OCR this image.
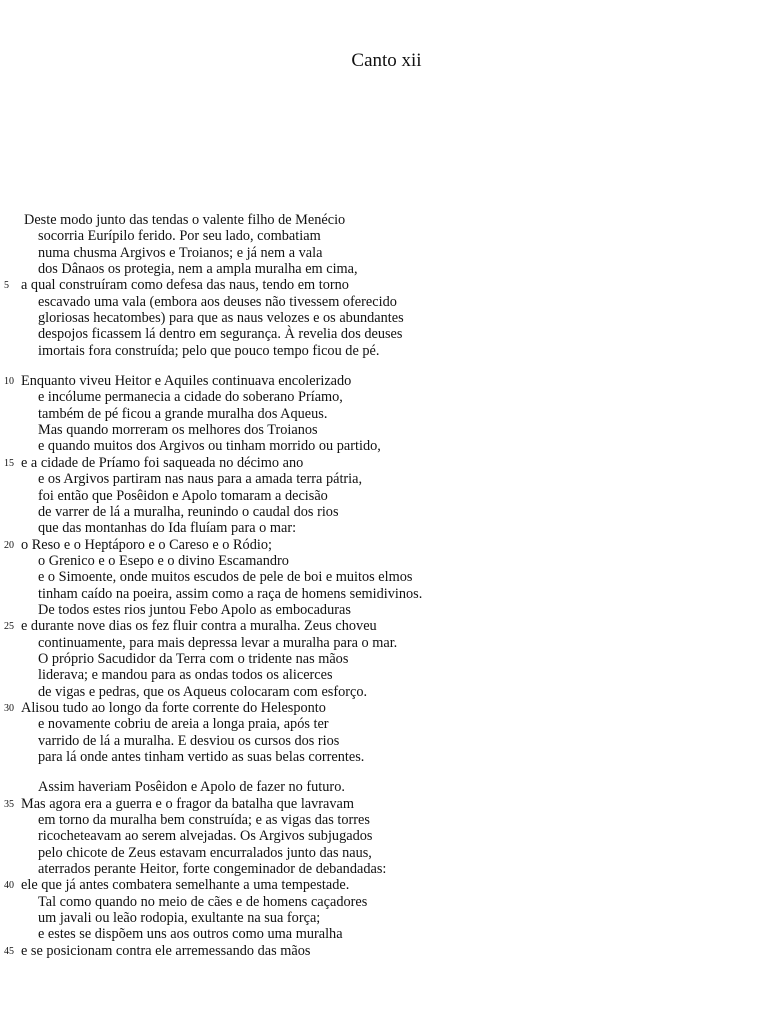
Canto xii
Deste modo junto das tendas o valente filho de Menécio
socorria Eurípilo ferido. Por seu lado, combatiam
numa chusma Argivos e Troianos; e já nem a vala
dos Dânaos os protegia, nem a ampla muralha em cima,
5 a qual construíram como defesa das naus, tendo em torno
escavado uma vala (embora aos deuses não tivessem oferecido
gloriosas hecatombes) para que as naus velozes e os abundantes
despojos ficassem lá dentro em segurança. À revelia dos deuses
imortais fora construída; pelo que pouco tempo ficou de pé.
10 Enquanto viveu Heitor e Aquiles continuava encolerizado
e incólume permanecia a cidade do soberano Príamo,
também de pé ficou a grande muralha dos Aqueus.
Mas quando morreram os melhores dos Troianos
e quando muitos dos Argivos ou tinham morrido ou partido,
15 e a cidade de Príamo foi saqueada no décimo ano
e os Argivos partiram nas naus para a amada terra pátria,
foi então que Posêidon e Apolo tomaram a decisão
de varrer de lá a muralha, reunindo o caudal dos rios
que das montanhas do Ida fluíam para o mar:
20 o Reso e o Heptáporo e o Careso e o Ródio;
o Grenico e o Esepo e o divino Escamandro
e o Simoente, onde muitos escudos de pele de boi e muitos elmos
tinham caído na poeira, assim como a raça de homens semidivinos.
De todos estes rios juntou Febo Apolo as embocaduras
25 e durante nove dias os fez fluir contra a muralha. Zeus choveu
continuamente, para mais depressa levar a muralha para o mar.
O próprio Sacudidor da Terra com o tridente nas mãos
liderava; e mandou para as ondas todos os alicerces
de vigas e pedras, que os Aqueus colocaram com esforço.
30 Alisou tudo ao longo da forte corrente do Helesponto
e novamente cobriu de areia a longa praia, após ter
varrido de lá a muralha. E desviou os cursos dos rios
para lá onde antes tinham vertido as suas belas correntes.
Assim haveriam Posêidon e Apolo de fazer no futuro.
35 Mas agora era a guerra e o fragor da batalha que lavravam
em torno da muralha bem construída; e as vigas das torres
ricocheteavam ao serem alvejadas. Os Argivos subjugados
pelo chicote de Zeus estavam encurralados junto das naus,
aterrados perante Heitor, forte congeminador de debandadas:
40 ele que já antes combatera semelhante a uma tempestade.
Tal como quando no meio de cães e de homens caçadores
um javali ou leão rodopia, exultante na sua força;
e estes se dispõem uns aos outros como uma muralha
45 e se posicionam contra ele arremessando das mãos
